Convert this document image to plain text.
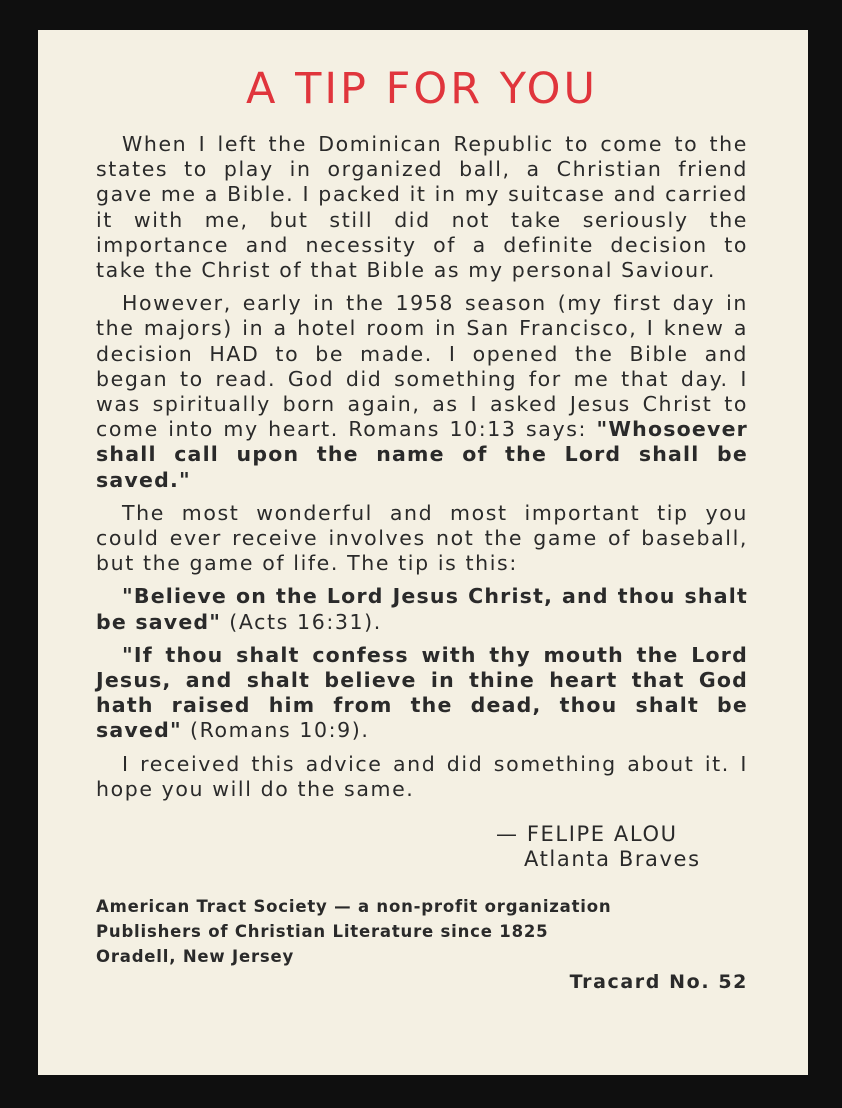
A TIP FOR YOU

When I left the Dominican Republic to come to the states to play in organized ball, a Christian friend gave me a Bible. I packed it in my suitcase and carried it with me, but still did not take seriously the importance and necessity of a definite decision to take the Christ of that Bible as my personal Saviour.

However, early in the 1958 season (my first day in the majors) in a hotel room in San Francisco, I knew a decision HAD to be made. I opened the Bible and began to read. God did something for me that day. I was spiritually born again, as I asked Jesus Christ to come into my heart. Romans 10:13 says: "Whosoever shall call upon the name of the Lord shall be saved."

The most wonderful and most important tip you could ever receive involves not the game of baseball, but the game of life. The tip is this:

"Believe on the Lord Jesus Christ, and thou shalt be saved" (Acts 16:31).

"If thou shalt confess with thy mouth the Lord Jesus, and shalt believe in thine heart that God hath raised him from the dead, thou shalt be saved" (Romans 10:9).

I received this advice and did something about it. I hope you will do the same.

— FELIPE ALOU
Atlanta Braves
American Tract Society — a non-profit organization
Publishers of Christian Literature since 1825
Oradell, New Jersey
Tracard No. 52
